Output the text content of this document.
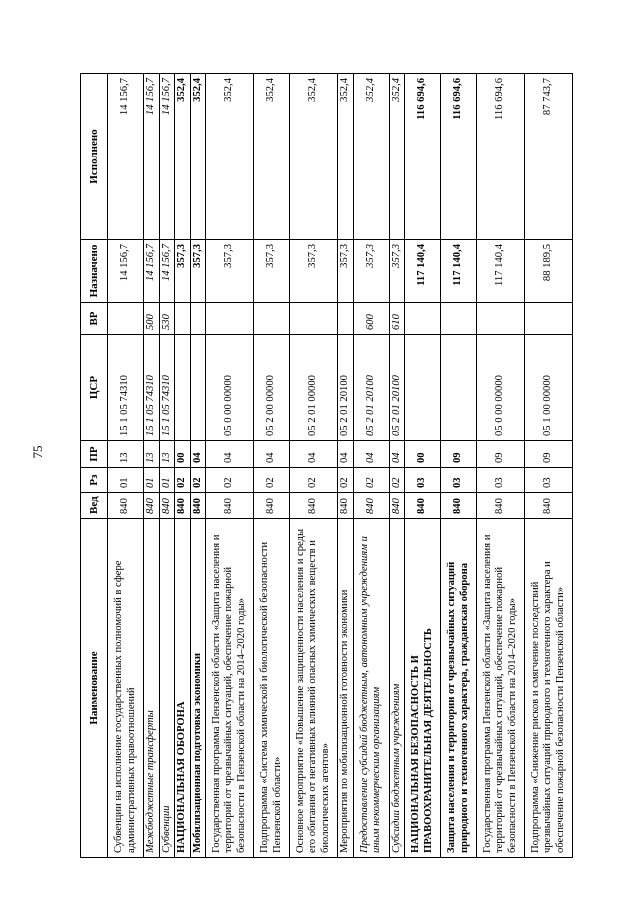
75
Наименование	Вед	Рз	ПР	ЦСР	ВР	Назначено	Исполнено
Субвенции на исполнение государственных полномочий в сфере административных правоотношений	840	01	13	15 1 05 74310		14 156,7	14 156,7
Межбюджетные трансферты	840	01	13	15 1 05 74310	500	14 156,7	14 156,7
Субвенции	840	01	13	15 1 05 74310	530	14 156,7	14 156,7
НАЦИОНАЛЬНАЯ ОБОРОНА	840	02	00			357,3	352,4
Мобилизационная подготовка экономики	840	02	04			357,3	352,4
Государственная программа Пензенской области «Защита населения и территорий от чрезвычайных ситуаций, обеспечение пожарной безопасности в Пензенской области на 2014–2020 годы»	840	02	04	05 0 00 00000		357,3	352,4
Подпрограмма «Система химической и биологической безопасности Пензенской области»	840	02	04	05 2 00 00000		357,3	352,4
Основное мероприятие «Повышение защищенности населения и среды его обитания от негативных влияний опасных химических веществ и биологических агентов»	840	02	04	05 2 01 00000		357,3	352,4
Мероприятия по мобилизационной готовности экономики	840	02	04	05 2 01 20100		357,3	352,4
Предоставление субсидий бюджетным, автономным учреждениям и иным некоммерческим организациям	840	02	04	05 2 01 20100	600	357,3	352,4
Субсидии бюджетным учреждениям	840	02	04	05 2 01 20100	610	357,3	352,4
НАЦИОНАЛЬНАЯ БЕЗОПАСНОСТЬ И ПРАВООХРАНИТЕЛЬНАЯ ДЕЯТЕЛЬНОСТЬ	840	03	00			117 140,4	116 694,6
Защита населения и территории от чрезвычайных ситуаций природного и техногенного характера, гражданская оборона	840	03	09			117 140,4	116 694,6
Государственная программа Пензенской области «Защита населения и территорий от чрезвычайных ситуаций, обеспечение пожарной безопасности в Пензенской области на 2014–2020 годы»	840	03	09	05 0 00 00000		117 140,4	116 694,6
Подпрограмма «Снижение рисков и смягчение последствий чрезвычайных ситуаций природного и техногенного характера и обеспечение пожарной безопасности Пензенской области»	840	03	09	05 1 00 00000		88 189,5	87 743,7
